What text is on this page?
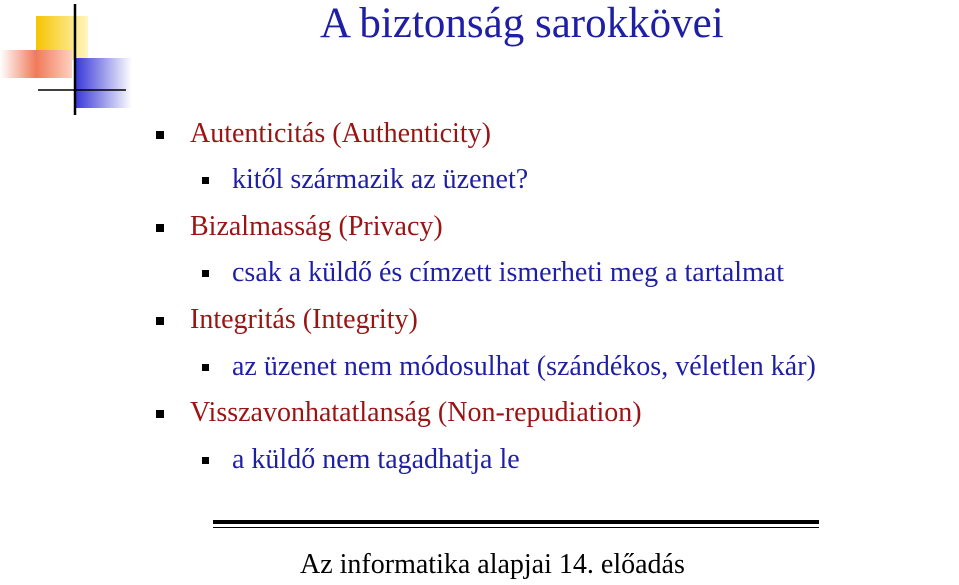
A biztonság sarokkövei
Autenticitás (Authenticity)
kitől származik az üzenet?
Bizalmasság (Privacy)
csak a küldő és címzett ismerheti meg a tartalmat
Integritás (Integrity)
az üzenet nem módosulhat (szándékos, véletlen kár)
Visszavonhatatlanság (Non-repudiation)
a küldő nem tagadhatja le
Az informatika alapjai 14. előadás
